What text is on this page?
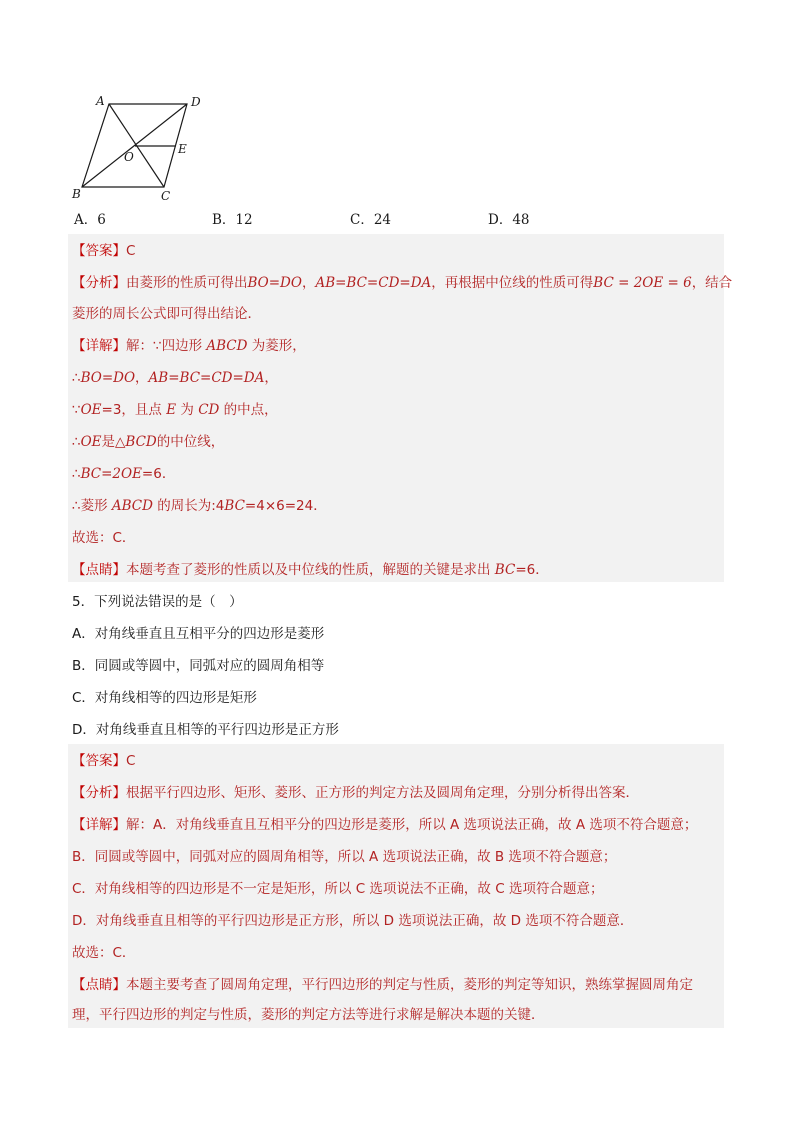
A	D
O
E
B	C
A．6	B．12	C．24	D．48
【答案】C
【分析】由菱形的性质可得出BO=DO，AB=BC=CD=DA，再根据中位线的性质可得BC = 2OE = 6，结合
菱形的周长公式即可得出结论．
【详解】解：∵四边形 ABCD 为菱形，
∴BO=DO，AB=BC=CD=DA，
∵OE=3，且点 E 为 CD 的中点，
∴OE是△BCD的中位线，
∴BC=2OE=6．
∴菱形 ABCD 的周长为:4BC=4×6=24．
故选：C．
【点睛】本题考查了菱形的性质以及中位线的性质，解题的关键是求出 BC=6．
5．下列说法错误的是（　）
A．对角线垂直且互相平分的四边形是菱形
B．同圆或等圆中，同弧对应的圆周角相等
C．对角线相等的四边形是矩形
D．对角线垂直且相等的平行四边形是正方形
【答案】C
【分析】根据平行四边形、矩形、菱形、正方形的判定方法及圆周角定理，分别分析得出答案．
【详解】解：A．对角线垂直且互相平分的四边形是菱形，所以 A 选项说法正确，故 A 选项不符合题意；
B．同圆或等圆中，同弧对应的圆周角相等，所以 A 选项说法正确，故 B 选项不符合题意；
C．对角线相等的四边形是不一定是矩形，所以 C 选项说法不正确，故 C 选项符合题意；
D．对角线垂直且相等的平行四边形是正方形，所以 D 选项说法正确，故 D 选项不符合题意．
故选：C．
【点睛】本题主要考查了圆周角定理，平行四边形的判定与性质，菱形的判定等知识，熟练掌握圆周角定
理，平行四边形的判定与性质，菱形的判定方法等进行求解是解决本题的关键．
